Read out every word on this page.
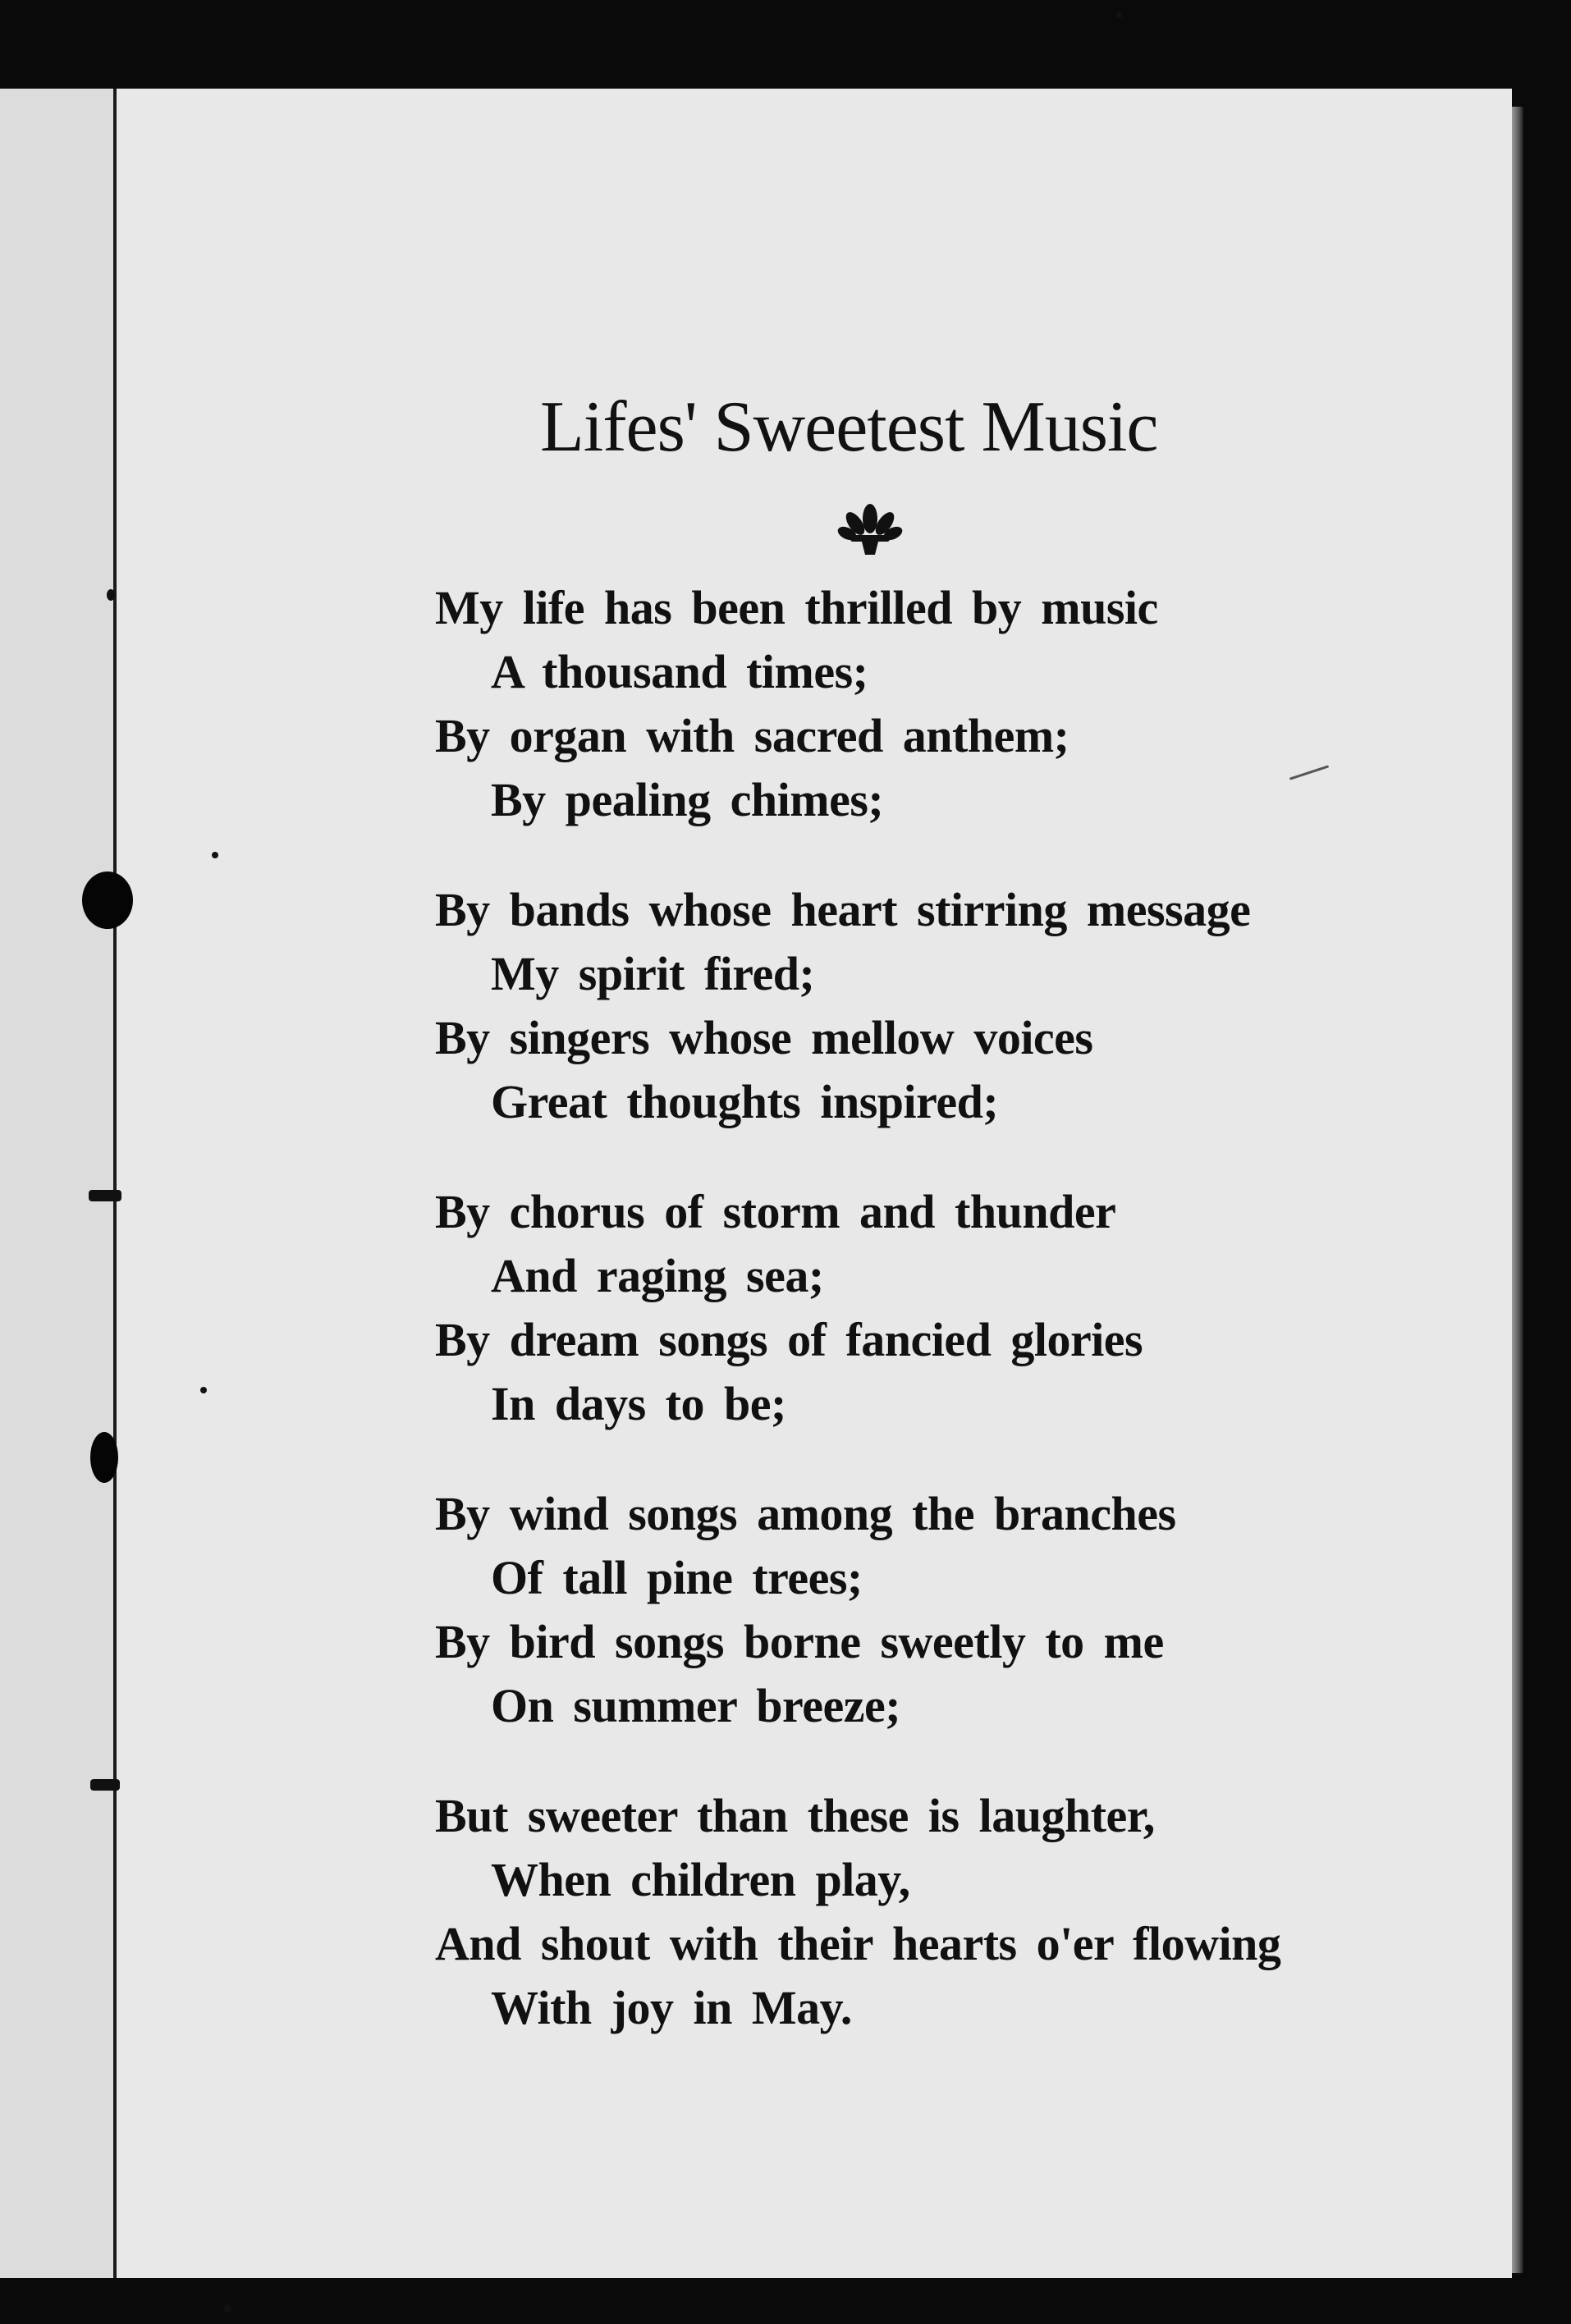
Lifes' Sweetest Music
My life has been thrilled by music
A thousand times;
By organ with sacred anthem;
By pealing chimes;
By bands whose heart stirring message
My spirit fired;
By singers whose mellow voices
Great thoughts inspired;
By chorus of storm and thunder
And raging sea;
By dream songs of fancied glories
In days to be;
By wind songs among the branches
Of tall pine trees;
By bird songs borne sweetly to me
On summer breeze;
But sweeter than these is laughter,
When children play,
And shout with their hearts o'er flowing
With joy in May.
